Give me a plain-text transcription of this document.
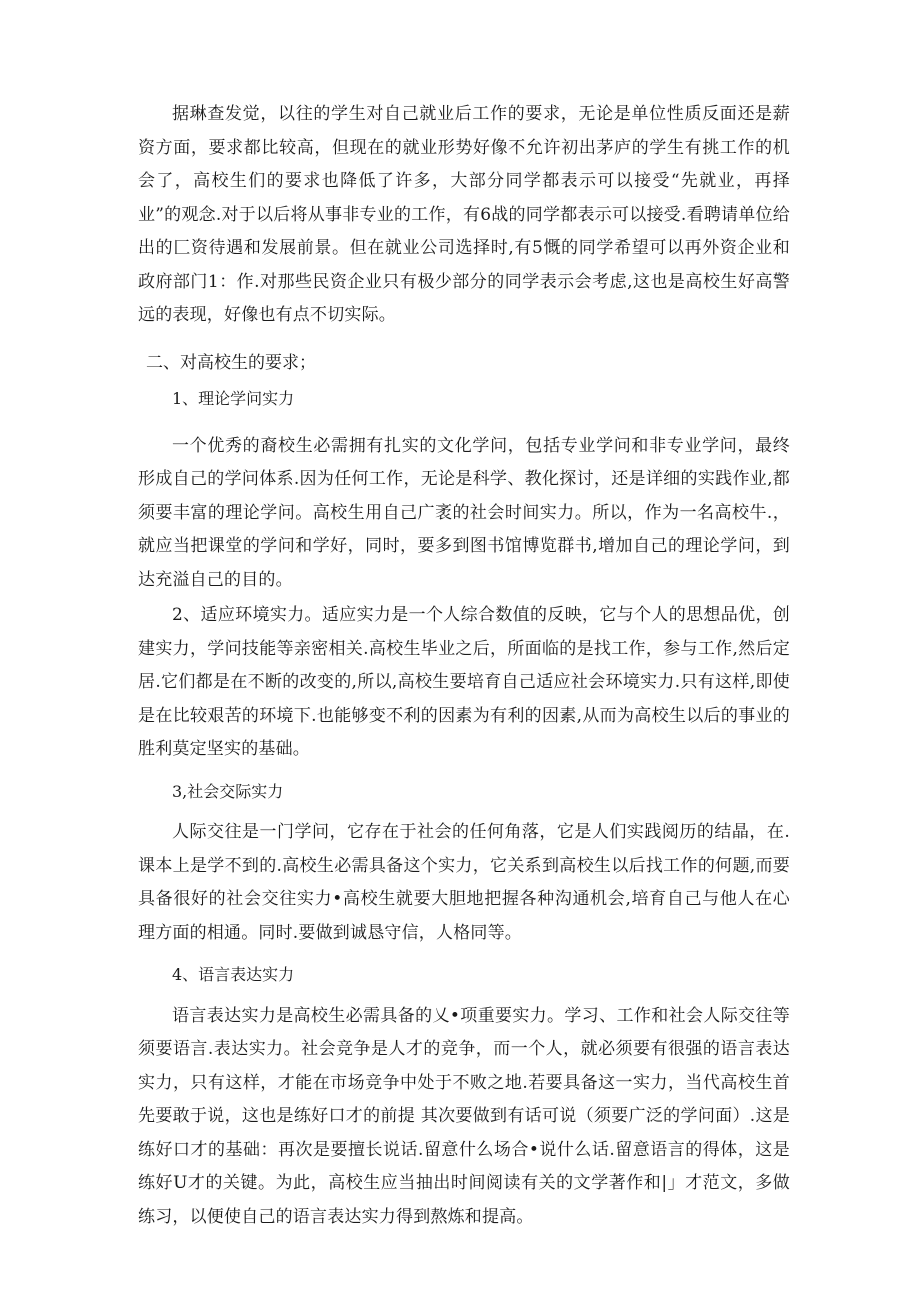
据琳查发觉，以往的学生对自己就业后工作的要求，无论是单位性质反面还是薪资方面，要求都比较高，但现在的就业形势好像不允许初出茅庐的学生有挑工作的机会了，高校生们的要求也降低了许多，大部分同学都表示可以接受“先就业，再择业”的观念.对于以后将从事非专业的工作，有6战的同学都表示可以接受.看聘请单位给出的匚资待遇和发展前景。但在就业公司选择时,有5慨的同学希望可以再外资企业和政府部门1：作.对那些民资企业只有极少部分的同学表示会考虑,这也是高校生好高警远的表现，好像也有点不切实际。

二、对高校生的要求；

1、理论学问实力

一个优秀的裔校生必需拥有扎实的文化学问，包括专业学问和非专业学问，最终形成自己的学问体系.因为任何工作，无论是科学、教化探讨，还是详细的实践作业,都须要丰富的理论学问。高校生用自己广袤的社会时间实力。所以，作为一名高校牛.，就应当把课堂的学问和学好，同时，要多到图书馆博览群书,增加自己的理论学问，到达充溢自己的目的。

2、适应环境实力。适应实力是一个人综合数值的反映，它与个人的思想品优，创建实力，学问技能等亲密相关.高校生毕业之后，所面临的是找工作，参与工作,然后定居.它们都是在不断的改变的,所以,高校生要培育自己适应社会环境实力.只有这样,即使是在比较艰苦的环境下.也能够变不利的因素为有利的因素,从而为高校生以后的事业的胜利莫定坚实的基础。

3,社会交际实力

人际交往是一门学问，它存在于社会的任何角落，它是人们实践阅历的结晶，在.课本上是学不到的.高校生必需具备这个实力，它关系到高校生以后找工作的何题,而要具备很好的社会交往实力•高校生就要大胆地把握各种沟通机会,培育自己与他人在心理方面的相通。同时.要做到诚恳守信，人格同等。

4、语言表达实力

语言表达实力是高校生必需具备的乂•项重要实力。学习、工作和社会人际交往等须要语言.表达实力。社会竞争是人才的竞争，而一个人，就必须要有很强的语言表达实力，只有这样，才能在市场竞争中处于不败之地.若要具备这一实力，当代高校生首先要敢于说，这也是练好口才的前提 其次要做到有话可说（须要广泛的学问面）.这是练好口才的基础：再次是要擅长说话.留意什么场合•说什么话.留意语言的得体，这是练好U才的关键。为此，高校生应当抽出时间阅读有关的文学著作和|」才范文，多做练习，以便使自己的语言表达实力得到熬炼和提高。
